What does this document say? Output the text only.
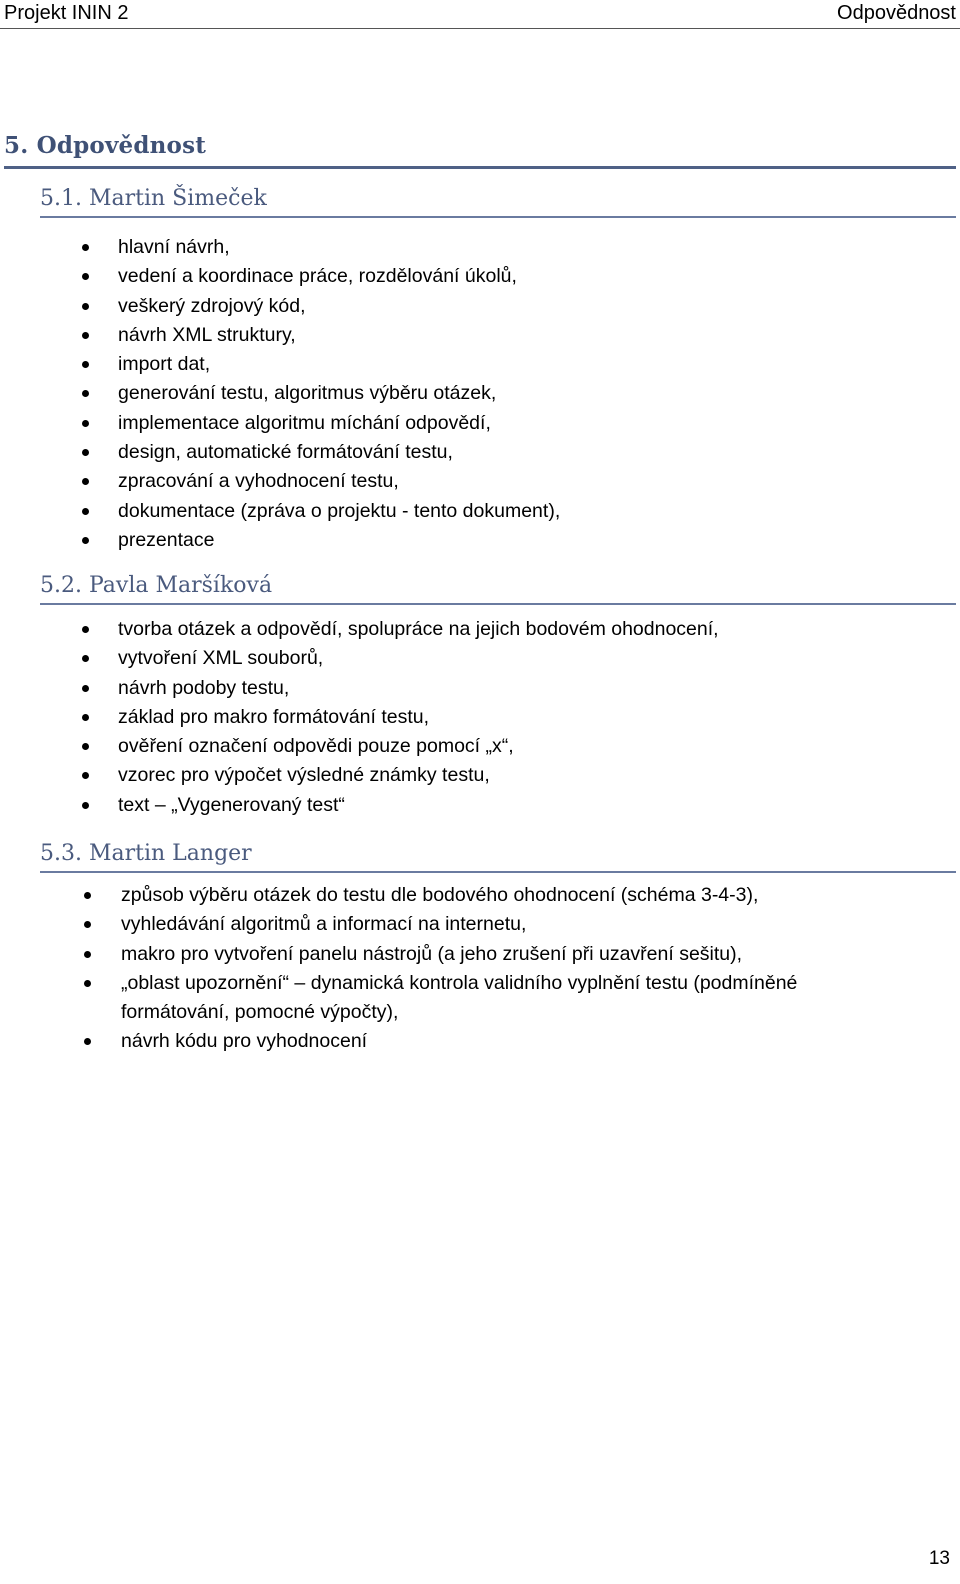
Projekt ININ 2	Odpovědnost
5. Odpovědnost
5.1. Martin Šimeček
hlavní návrh,
vedení a koordinace práce, rozdělování úkolů,
veškerý zdrojový kód,
návrh XML struktury,
import dat,
generování testu, algoritmus výběru otázek,
implementace algoritmu míchání odpovědí,
design, automatické formátování testu,
zpracování a vyhodnocení testu,
dokumentace (zpráva o projektu - tento dokument),
prezentace
5.2. Pavla Maršíková
tvorba otázek a odpovědí, spolupráce na jejich bodovém ohodnocení,
vytvoření XML souborů,
návrh podoby testu,
základ pro makro formátování testu,
ověření označení odpovědi pouze pomocí „x“,
vzorec pro výpočet výsledné známky testu,
text – „Vygenerovaný test“
5.3. Martin Langer
způsob výběru otázek do testu dle bodového ohodnocení (schéma 3-4-3),
vyhledávání algoritmů a informací na internetu,
makro pro vytvoření panelu nástrojů (a jeho zrušení při uzavření sešitu),
„oblast upozornění“ – dynamická kontrola validního vyplnění testu (podmíněné formátování, pomocné výpočty),
návrh kódu pro vyhodnocení
13
